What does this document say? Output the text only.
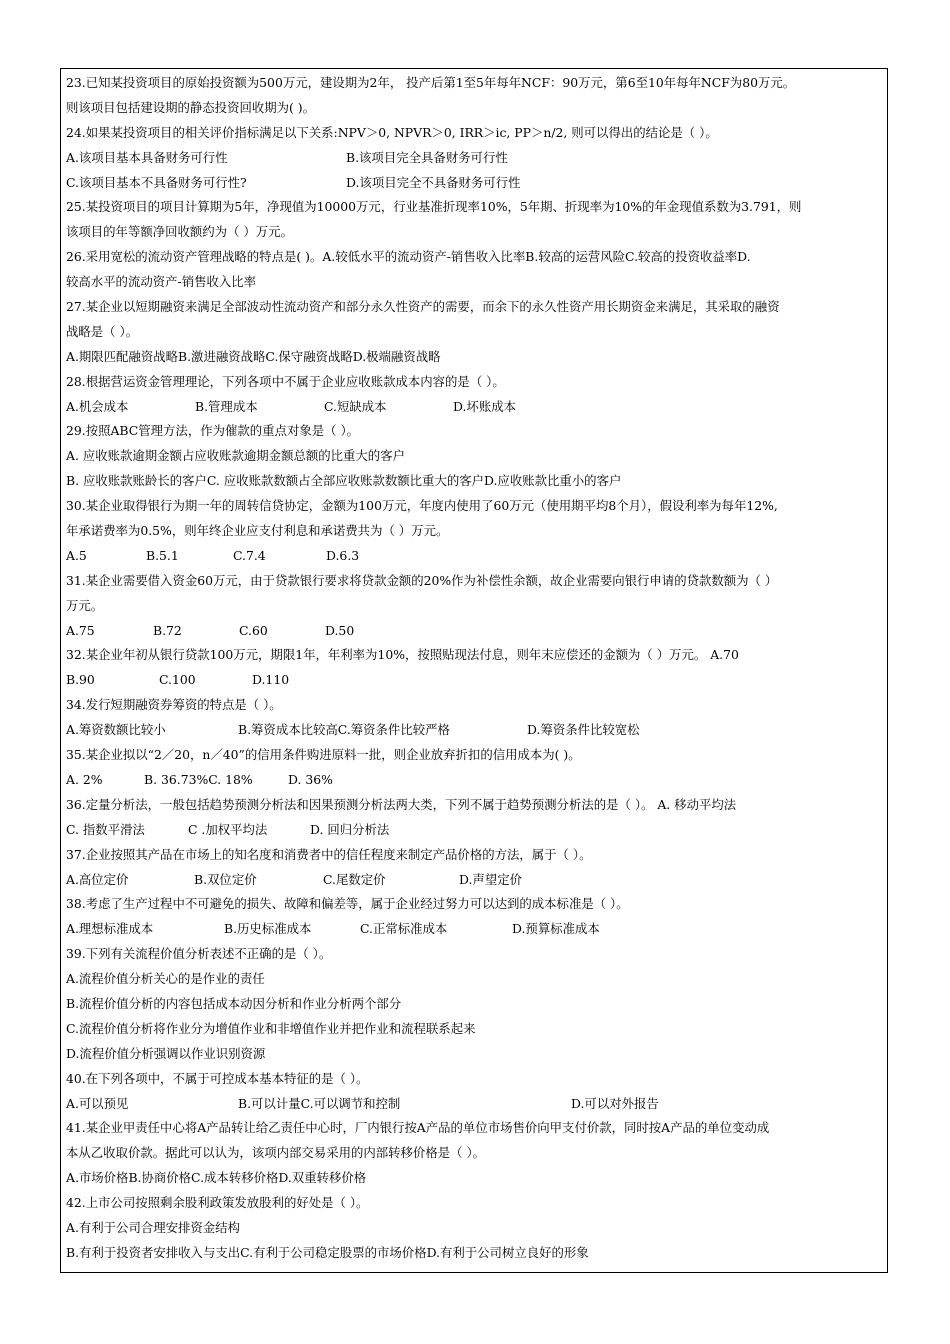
23.已知某投资项目的原始投资额为500万元，建设期为2年， 投产后第1至5年每年NCF：90万元，第6至10年每年NCF为80万元。
则该项目包括建设期的静态投资回收期为( )。
24.如果某投资项目的相关评价指标满足以下关系:NPV＞0, NPVR＞0, IRR＞ic, PP＞n/2, 则可以得出的结论是（ ）。
A.该项目基本具备财务可行性	B.该项目完全具备财务可行性
C.该项目基本不具备财务可行性?	D.该项目完全不具备财务可行性
25.某投资项目的项目计算期为5年，净现值为10000万元，行业基准折现率10%，5年期、折现率为10%的年金现值系数为3.791，则
该项目的年等额净回收额约为（ ）万元。
26.采用宽松的流动资产管理战略的特点是( )。A.较低水平的流动资产-销售收入比率B.较高的运营风险C.较高的投资收益率D.
较高水平的流动资产-销售收入比率
27.某企业以短期融资来满足全部波动性流动资产和部分永久性资产的需要，而余下的永久性资产用长期资金来满足，其采取的融资
战略是（ ）。
A.期限匹配融资战略B.激进融资战略C.保守融资战略D.极端融资战略
28.根据营运资金管理理论，下列各项中不属于企业应收账款成本内容的是（ ）。
A.机会成本	B.管理成本	C.短缺成本	D.坏账成本
29.按照ABC管理方法，作为催款的重点对象是（ ）。
A. 应收账款逾期金额占应收账款逾期金额总额的比重大的客户
B. 应收账款账龄长的客户C. 应收账款数额占全部应收账款数额比重大的客户D.应收账款比重小的客户
30.某企业取得银行为期一年的周转信贷协定，金额为100万元，年度内使用了60万元（使用期平均8个月），假设利率为每年12%,
年承诺费率为0.5%，则年终企业应支付利息和承诺费共为（ ）万元。
A.5	B.5.1	C.7.4	D.6.3
31.某企业需要借入资金60万元，由于贷款银行要求将贷款金额的20%作为补偿性余额，故企业需要向银行申请的贷款数额为（ ）
万元。
A.75	B.72	C.60	D.50
32.某企业年初从银行贷款100万元，期限1年，年利率为10%，按照贴现法付息，则年末应偿还的金额为（ ）万元。 A.70
B.90	C.100	D.110
34.发行短期融资券筹资的特点是（ ）。
A.筹资数额比较小	B.筹资成本比较高C.筹资条件比较严格	D.筹资条件比较宽松
35.某企业拟以“2／20，n／40”的信用条件购进原料一批，则企业放弃折扣的信用成本为( )。
A. 2%	B. 36.73%C. 18%	D. 36%
36.定量分析法，一般包括趋势预测分析法和因果预测分析法两大类，下列不属于趋势预测分析法的是（ ）。 A. 移动平均法
C. 指数平滑法	C .加权平均法	D. 回归分析法
37.企业按照其产品在市场上的知名度和消费者中的信任程度来制定产品价格的方法，属于（ ）。
A.高位定价	B.双位定价	C.尾数定价	D.声望定价
38.考虑了生产过程中不可避免的损失、故障和偏差等，属于企业经过努力可以达到的成本标准是（ ）。
A.理想标准成本	B.历史标准成本	C.正常标准成本	D.预算标准成本
39.下列有关流程价值分析表述不正确的是（ ）。
A.流程价值分析关心的是作业的责任
B.流程价值分析的内容包括成本动因分析和作业分析两个部分
C.流程价值分析将作业分为增值作业和非增值作业并把作业和流程联系起来
D.流程价值分析强调以作业识别资源
40.在下列各项中，不属于可控成本基本特征的是（ ）。
A.可以预见	B.可以计量C.可以调节和控制	D.可以对外报告
41.某企业甲责任中心将A产品转让给乙责任中心时，厂内银行按A产品的单位市场售价向甲支付价款，同时按A产品的单位变动成
本从乙收取价款。据此可以认为，该项内部交易采用的内部转移价格是（ ）。
A.市场价格B.协商价格C.成本转移价格D.双重转移价格
42.上市公司按照剩余股利政策发放股利的好处是（ ）。
A.有利于公司合理安排资金结构
B.有利于投资者安排收入与支出C.有利于公司稳定股票的市场价格D.有利于公司树立良好的形象
